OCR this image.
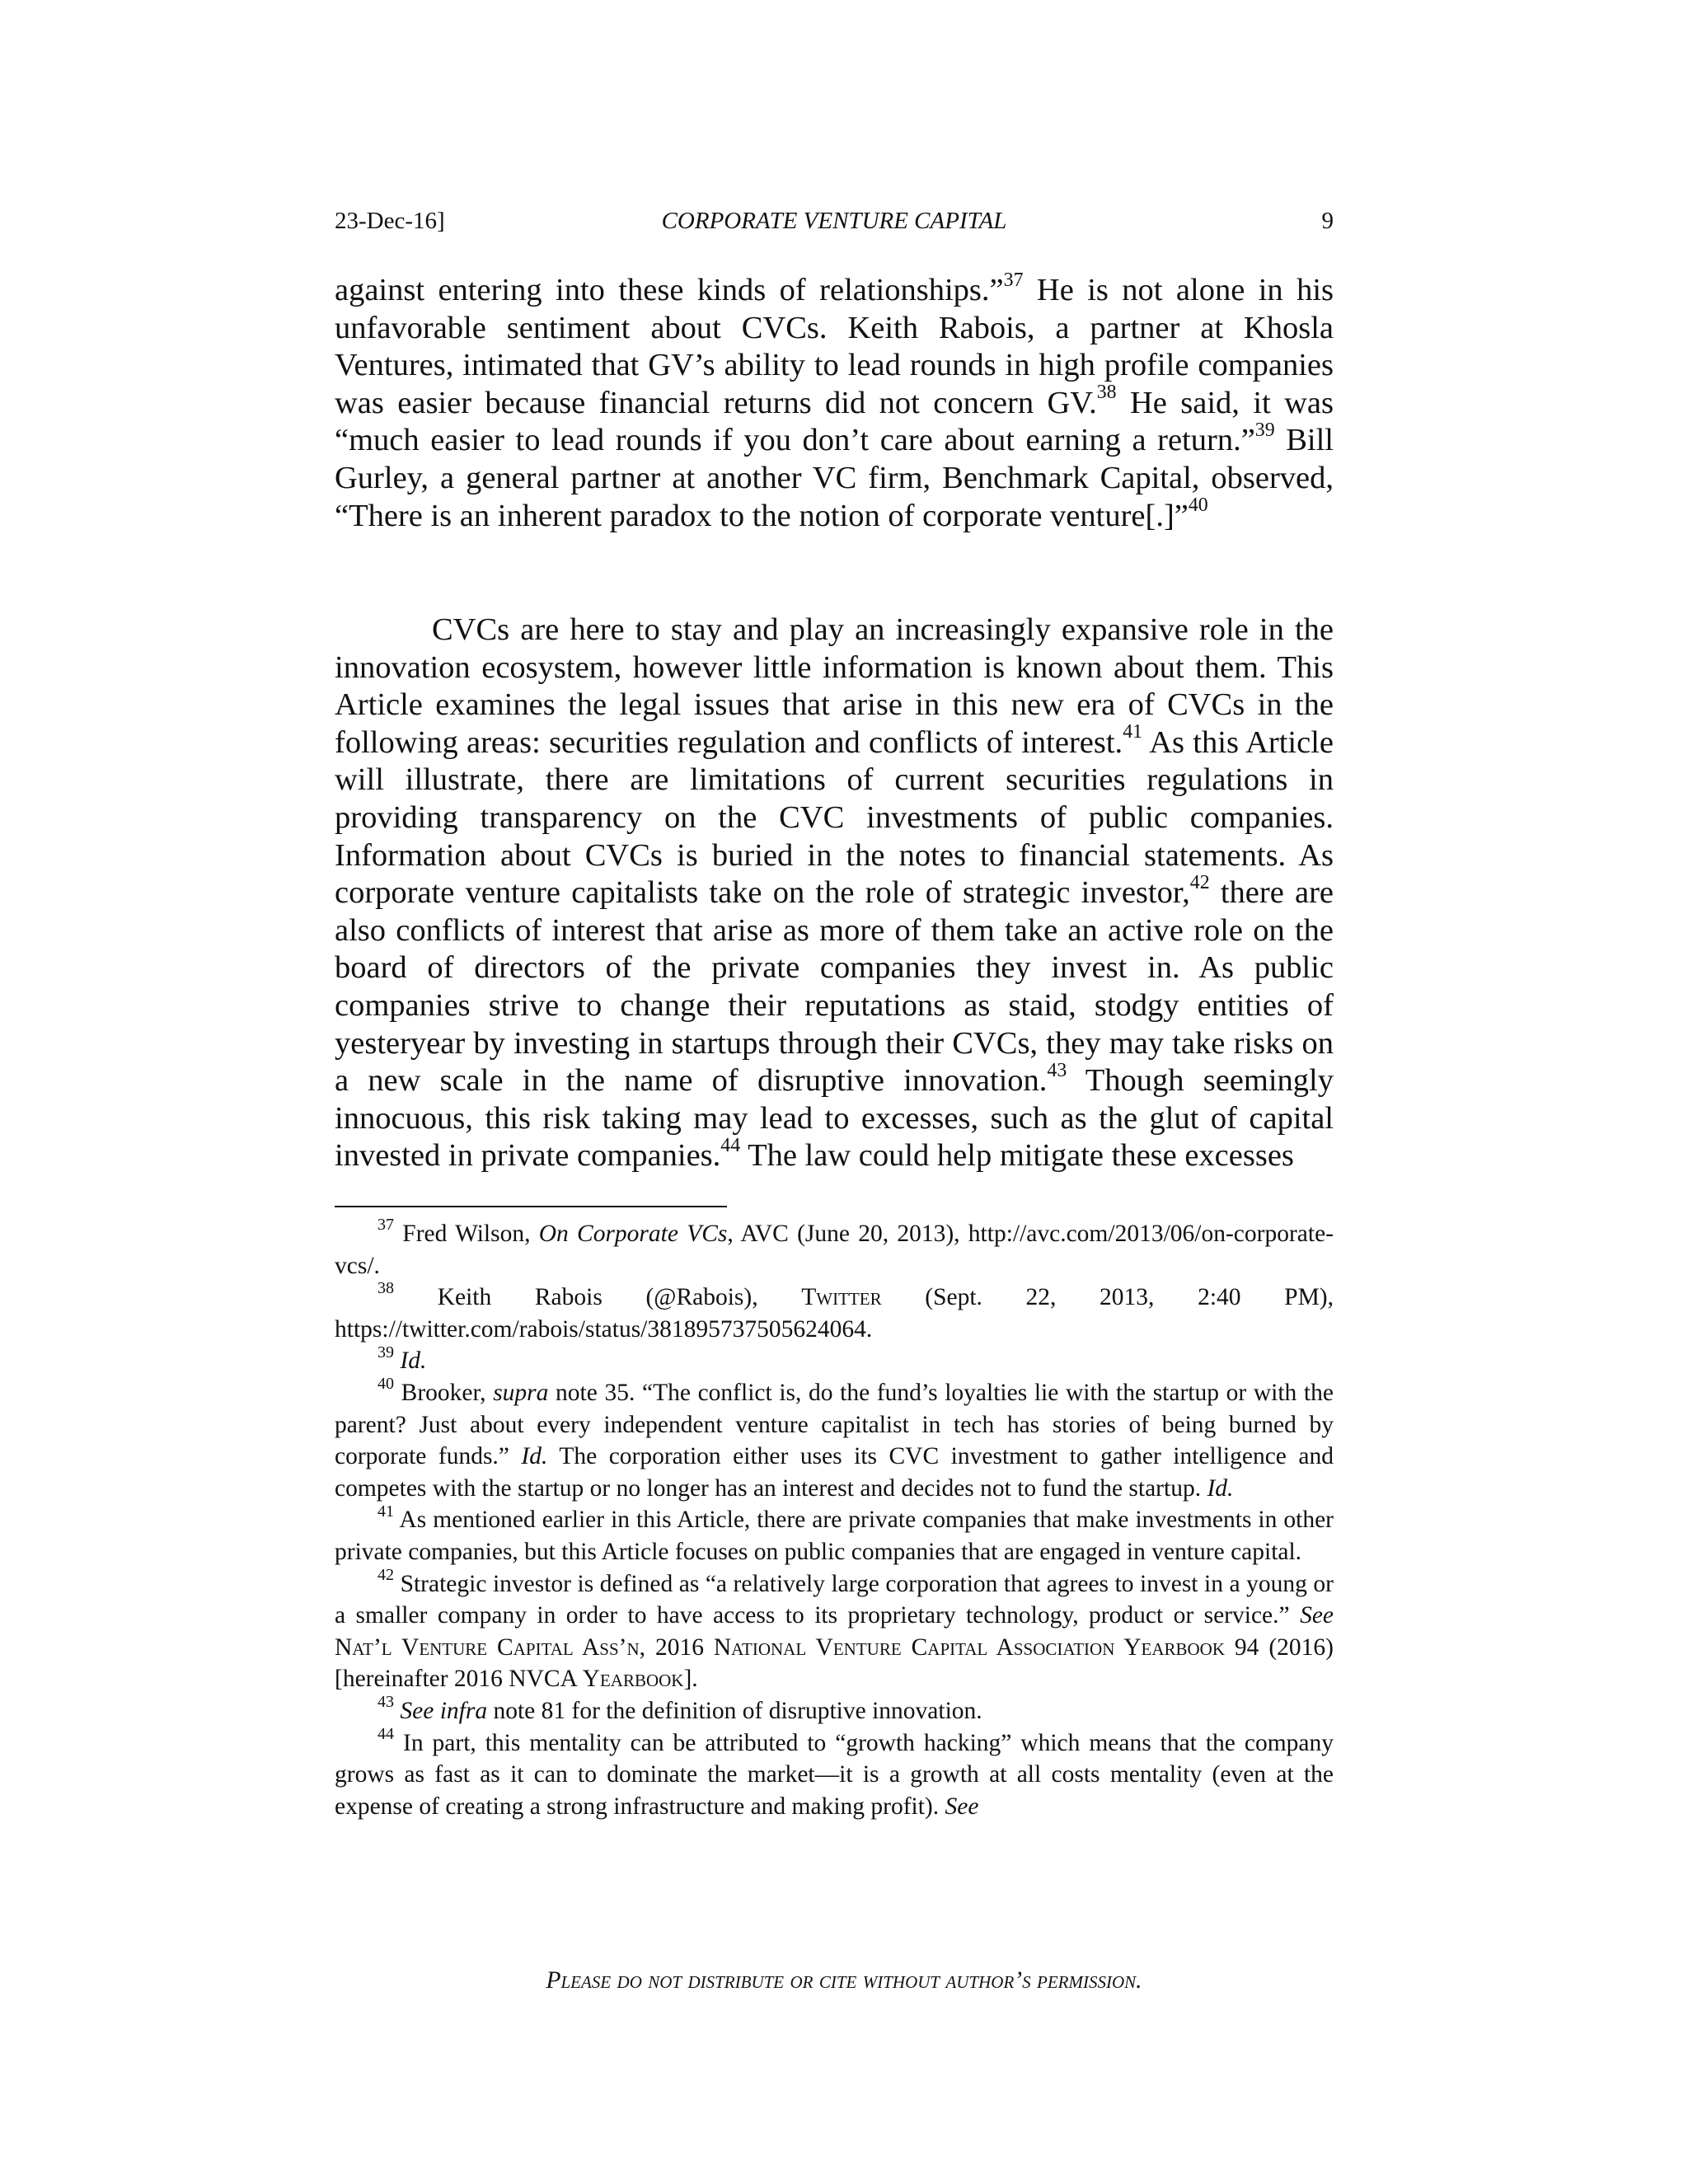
23-Dec-16]	CORPORATE VENTURE CAPITAL	9

against entering into these kinds of relationships.”$^{37}$ He is not alone in his unfavorable sentiment about CVCs. Keith Rabois, a partner at Khosla Ventures, intimated that GV’s ability to lead rounds in high profile companies was easier because financial returns did not concern GV.$^{38}$ He said, it was “much easier to lead rounds if you don’t care about earning a return.”$^{39}$ Bill Gurley, a general partner at another VC firm, Benchmark Capital, observed, “There is an inherent paradox to the notion of corporate venture[.]”$^{40}$

CVCs are here to stay and play an increasingly expansive role in the innovation ecosystem, however little information is known about them. This Article examines the legal issues that arise in this new era of CVCs in the following areas: securities regulation and conflicts of interest.$^{41}$ As this Article will illustrate, there are limitations of current securities regulations in providing transparency on the CVC investments of public companies. Information about CVCs is buried in the notes to financial statements. As corporate venture capitalists take on the role of strategic investor,$^{42}$ there are also conflicts of interest that arise as more of them take an active role on the board of directors of the private companies they invest in. As public companies strive to change their reputations as staid, stodgy entities of yesteryear by investing in startups through their CVCs, they may take risks on a new scale in the name of disruptive innovation.$^{43}$ Though seemingly innocuous, this risk taking may lead to excesses, such as the glut of capital invested in private companies.$^{44}$ The law could help mitigate these excesses

$^{37}$ Fred Wilson, On Corporate VCs, AVC (June 20, 2013), http://avc.com/2013/06/on-corporate-vcs/.

$^{38}$ Keith Rabois (@Rabois), Twitter (Sept. 22, 2013, 2:40 PM), https://twitter.com/rabois/status/381895737505624064.

$^{39}$ Id.

$^{40}$ Brooker, supra note 35. “The conflict is, do the fund’s loyalties lie with the startup or with the parent? Just about every independent venture capitalist in tech has stories of being burned by corporate funds.” Id. The corporation either uses its CVC investment to gather intelligence and competes with the startup or no longer has an interest and decides not to fund the startup. Id.

$^{41}$ As mentioned earlier in this Article, there are private companies that make investments in other private companies, but this Article focuses on public companies that are engaged in venture capital.

$^{42}$ Strategic investor is defined as “a relatively large corporation that agrees to invest in a young or a smaller company in order to have access to its proprietary technology, product or service.” See Nat’l Venture Capital Ass’n, 2016 National Venture Capital Association Yearbook 94 (2016) [hereinafter 2016 NVCA Yearbook].

$^{43}$ See infra note 81 for the definition of disruptive innovation.

$^{44}$ In part, this mentality can be attributed to “growth hacking” which means that the company grows as fast as it can to dominate the market—it is a growth at all costs mentality (even at the expense of creating a strong infrastructure and making profit). See

Please do not distribute or cite without author’s permission.
